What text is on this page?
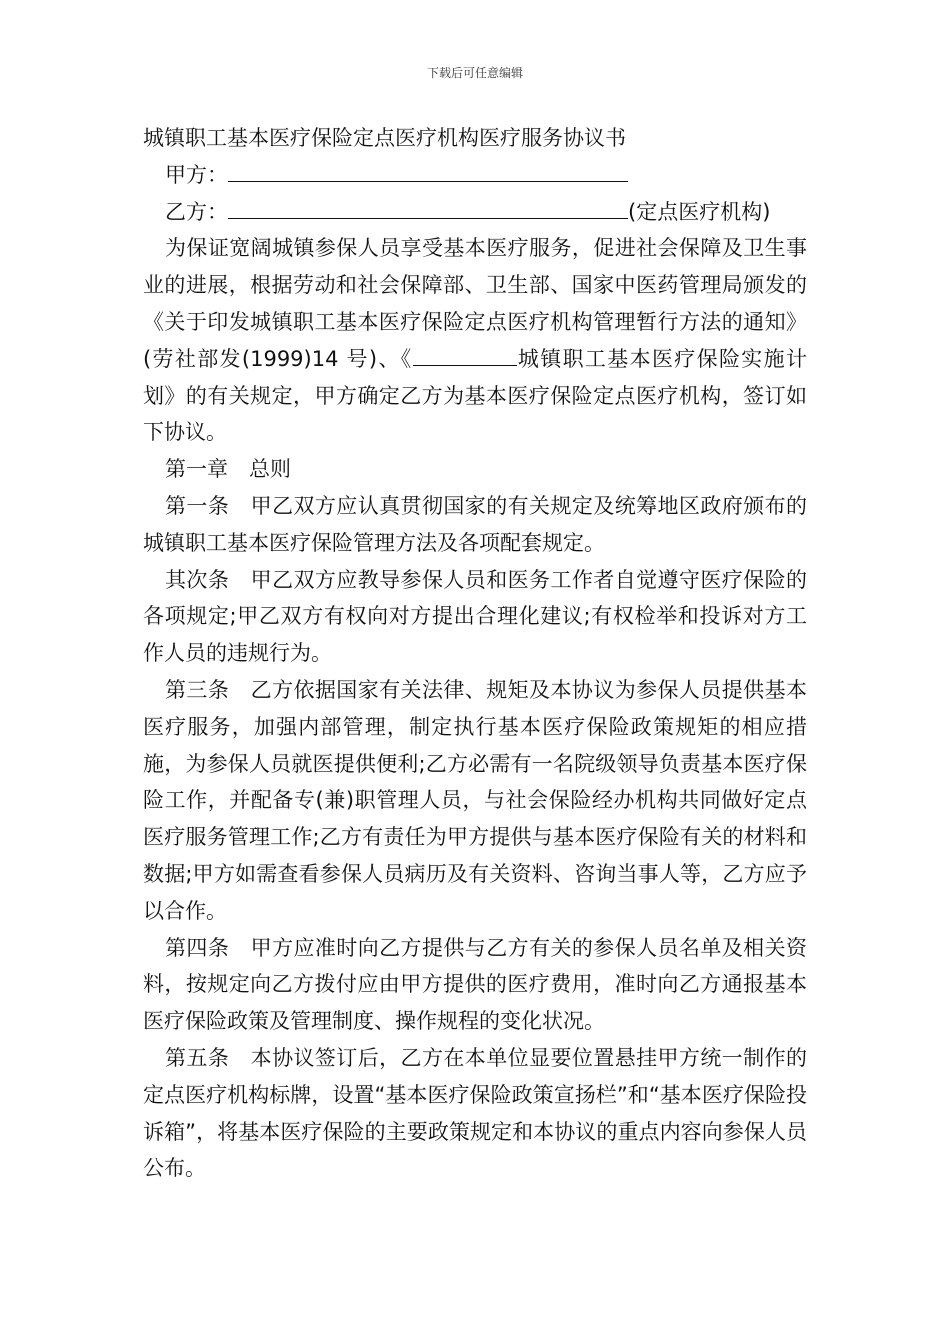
下载后可任意编辑
城镇职工基本医疗保险定点医疗机构医疗服务协议书
甲方：
乙方：	(定点医疗机构)
为保证宽阔城镇参保人员享受基本医疗服务，促进社会保障及卫生事业的进展，根据劳动和社会保障部、卫生部、国家中医药管理局颁发的《关于印发城镇职工基本医疗保险定点医疗机构管理暂行方法的通知》(劳社部发(1999)14 号)、《	城镇职工基本医疗保险实施计划》的有关规定，甲方确定乙方为基本医疗保险定点医疗机构，签订如下协议。
第一章　总则
第一条　甲乙双方应认真贯彻国家的有关规定及统筹地区政府颁布的城镇职工基本医疗保险管理方法及各项配套规定。
其次条　甲乙双方应教导参保人员和医务工作者自觉遵守医疗保险的各项规定;甲乙双方有权向对方提出合理化建议;有权检举和投诉对方工作人员的违规行为。
第三条　乙方依据国家有关法律、规矩及本协议为参保人员提供基本医疗服务，加强内部管理，制定执行基本医疗保险政策规矩的相应措施，为参保人员就医提供便利;乙方必需有一名院级领导负责基本医疗保险工作，并配备专(兼)职管理人员，与社会保险经办机构共同做好定点医疗服务管理工作;乙方有责任为甲方提供与基本医疗保险有关的材料和数据;甲方如需查看参保人员病历及有关资料、咨询当事人等，乙方应予以合作。
第四条　甲方应准时向乙方提供与乙方有关的参保人员名单及相关资料，按规定向乙方拨付应由甲方提供的医疗费用，准时向乙方通报基本医疗保险政策及管理制度、操作规程的变化状况。
第五条　本协议签订后，乙方在本单位显要位置悬挂甲方统一制作的定点医疗机构标牌，设置“基本医疗保险政策宣扬栏”和“基本医疗保险投诉箱”，将基本医疗保险的主要政策规定和本协议的重点内容向参保人员公布。
